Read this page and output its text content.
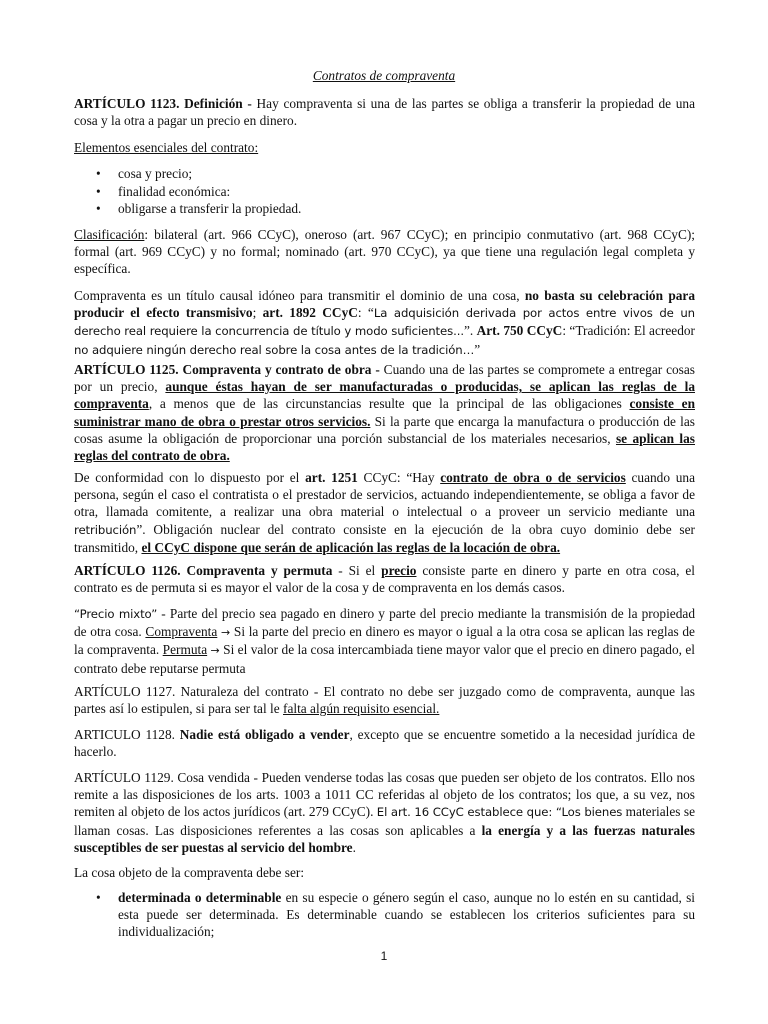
Contratos de compraventa

ARTÍCULO 1123. Definición - Hay compraventa si una de las partes se obliga a transferir la propiedad de una cosa y la otra a pagar un precio en dinero.

Elementos esenciales del contrato:

• cosa y precio;
• finalidad económica:
• obligarse a transferir la propiedad.

Clasificación: bilateral (art. 966 CCyC), oneroso (art. 967 CCyC); en principio conmutativo (art. 968 CCyC); formal (art. 969 CCyC) y no formal; nominado (art. 970 CCyC), ya que tiene una regulación legal completa y específica.

Compraventa es un título causal idóneo para transmitir el dominio de una cosa, no basta su celebración para producir el efecto transmisivo; art. 1892 CCyC: “La adquisición derivada por actos entre vivos de un derecho real requiere la concurrencia de título y modo suficientes...”. Art. 750 CCyC: “Tradición: El acreedor no adquiere ningún derecho real sobre la cosa antes de la tradición…”

ARTÍCULO 1125. Compraventa y contrato de obra - Cuando una de las partes se compromete a entregar cosas por un precio, aunque éstas hayan de ser manufacturadas o producidas, se aplican las reglas de la compraventa, a menos que de las circunstancias resulte que la principal de las obligaciones consiste en suministrar mano de obra o prestar otros servicios. Si la parte que encarga la manufactura o producción de las cosas asume la obligación de proporcionar una porción substancial de los materiales necesarios, se aplican las reglas del contrato de obra.

De conformidad con lo dispuesto por el art. 1251 CCyC: “Hay contrato de obra o de servicios cuando una persona, según el caso el contratista o el prestador de servicios, actuando independientemente, se obliga a favor de otra, llamada comitente, a realizar una obra material o intelectual o a proveer un servicio mediante una retribución”. Obligación nuclear del contrato consiste en la ejecución de la obra cuyo dominio debe ser transmitido, el CCyC dispone que serán de aplicación las reglas de la locación de obra.

ARTÍCULO 1126. Compraventa y permuta - Si el precio consiste parte en dinero y parte en otra cosa, el contrato es de permuta si es mayor el valor de la cosa y de compraventa en los demás casos.

“Precio mixto” - Parte del precio sea pagado en dinero y parte del precio mediante la transmisión de la propiedad de otra cosa. Compraventa → Si la parte del precio en dinero es mayor o igual a la otra cosa se aplican las reglas de la compraventa. Permuta → Si el valor de la cosa intercambiada tiene mayor valor que el precio en dinero pagado, el contrato debe reputarse permuta

ARTÍCULO 1127. Naturaleza del contrato - El contrato no debe ser juzgado como de compraventa, aunque las partes así lo estipulen, si para ser tal le falta algún requisito esencial.

ARTICULO 1128. Nadie está obligado a vender, excepto que se encuentre sometido a la necesidad jurídica de hacerlo.

ARTÍCULO 1129. Cosa vendida - Pueden venderse todas las cosas que pueden ser objeto de los contratos. Ello nos remite a las disposiciones de los arts. 1003 a 1011 CC referidas al objeto de los contratos; los que, a su vez, nos remiten al objeto de los actos jurídicos (art. 279 CCyC). El art. 16 CCyC establece que: “Los bienes materiales se llaman cosas. Las disposiciones referentes a las cosas son aplicables a la energía y a las fuerzas naturales susceptibles de ser puestas al servicio del hombre.

La cosa objeto de la compraventa debe ser:

• determinada o determinable en su especie o género según el caso, aunque no lo estén en su cantidad, si esta puede ser determinada. Es determinable cuando se establecen los criterios suficientes para su individualización;
1
